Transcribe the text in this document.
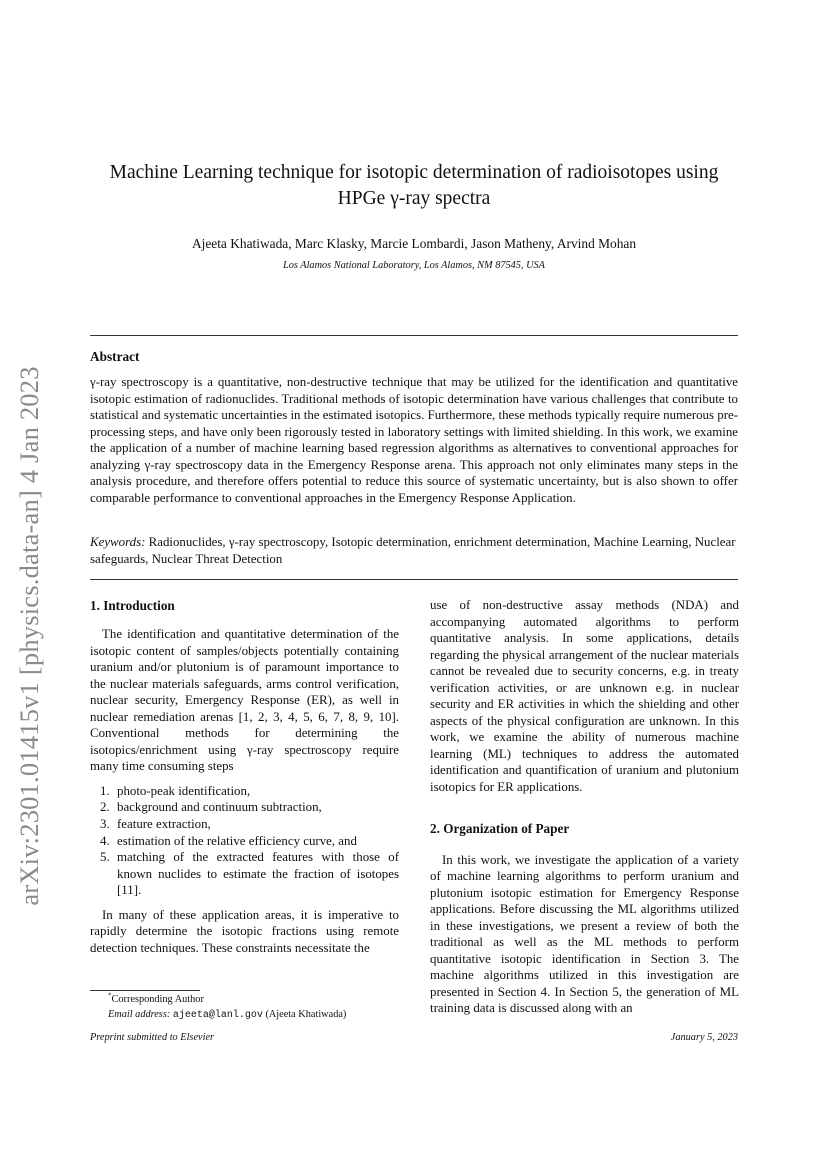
arXiv:2301.01415v1 [physics.data-an] 4 Jan 2023
Machine Learning technique for isotopic determination of radioisotopes using HPGe γ-ray spectra
Ajeeta Khatiwada, Marc Klasky, Marcie Lombardi, Jason Matheny, Arvind Mohan
Los Alamos National Laboratory, Los Alamos, NM 87545, USA
Abstract
γ-ray spectroscopy is a quantitative, non-destructive technique that may be utilized for the identification and quantitative isotopic estimation of radionuclides. Traditional methods of isotopic determination have various challenges that contribute to statistical and systematic uncertainties in the estimated isotopics. Furthermore, these methods typically require numerous pre-processing steps, and have only been rigorously tested in laboratory settings with limited shielding. In this work, we examine the application of a number of machine learning based regression algorithms as alternatives to conventional approaches for analyzing γ-ray spectroscopy data in the Emergency Response arena. This approach not only eliminates many steps in the analysis procedure, and therefore offers potential to reduce this source of systematic uncertainty, but is also shown to offer comparable performance to conventional approaches in the Emergency Response Application.
Keywords: Radionuclides, γ-ray spectroscopy, Isotopic determination, enrichment determination, Machine Learning, Nuclear safeguards, Nuclear Threat Detection

1. Introduction

The identification and quantitative determination of the isotopic content of samples/objects potentially containing uranium and/or plutonium is of paramount importance to the nuclear materials safeguards, arms control verification, nuclear security, Emergency Response (ER), as well in nuclear remediation arenas [1, 2, 3, 4, 5, 6, 7, 8, 9, 10]. Conventional methods for determining the isotopics/enrichment using γ-ray spectroscopy require many time consuming steps

1. photo-peak identification,
2. background and continuum subtraction,
3. feature extraction,
4. estimation of the relative efficiency curve, and
5. matching of the extracted features with those of known nuclides to estimate the fraction of isotopes [11].

In many of these application areas, it is imperative to rapidly determine the isotopic fractions using remote detection techniques. These constraints necessitate the

use of non-destructive assay methods (NDA) and accompanying automated algorithms to perform quantitative analysis. In some applications, details regarding the physical arrangement of the nuclear materials cannot be revealed due to security concerns, e.g. in treaty verification activities, or are unknown e.g. in nuclear security and ER activities in which the shielding and other aspects of the physical configuration are unknown. In this work, we examine the ability of numerous machine learning (ML) techniques to address the automated identification and quantification of uranium and plutonium isotopics for ER applications.

2. Organization of Paper

In this work, we investigate the application of a variety of machine learning algorithms to perform uranium and plutonium isotopic estimation for Emergency Response applications. Before discussing the ML algorithms utilized in these investigations, we present a review of both the traditional as well as the ML methods to perform quantitative isotopic identification in Section 3. The machine algorithms utilized in this investigation are presented in Section 4. In Section 5, the generation of ML training data is discussed along with an

*Corresponding Author
Email address: ajeeta@lanl.gov (Ajeeta Khatiwada)
Preprint submitted to Elsevier	January 5, 2023
